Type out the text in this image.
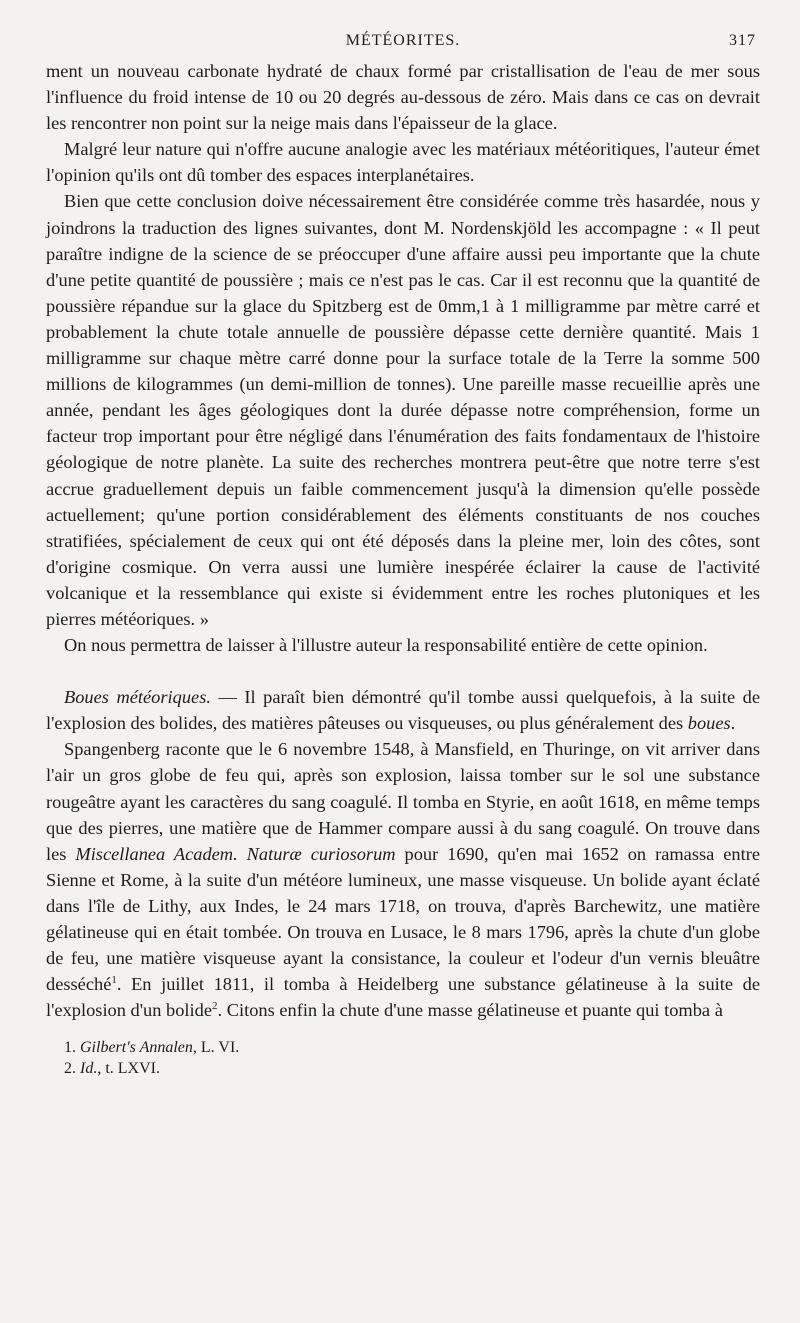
MÉTÉORITES.	317

ment un nouveau carbonate hydraté de chaux formé par cristallisation de l'eau de mer sous l'influence du froid intense de 10 ou 20 degrés au-dessous de zéro. Mais dans ce cas on devrait les rencontrer non point sur la neige mais dans l'épaisseur de la glace.

Malgré leur nature qui n'offre aucune analogie avec les matériaux météoritiques, l'auteur émet l'opinion qu'ils ont dû tomber des espaces interplanétaires.

Bien que cette conclusion doive nécessairement être considérée comme très hasardée, nous y joindrons la traduction des lignes suivantes, dont M. Nordenskjöld les accompagne : « Il peut paraître indigne de la science de se préoccuper d'une affaire aussi peu importante que la chute d'une petite quantité de poussière ; mais ce n'est pas le cas. Car il est reconnu que la quantité de poussière répandue sur la glace du Spitzberg est de 0mm,1 à 1 milligramme par mètre carré et probablement la chute totale annuelle de poussière dépasse cette dernière quantité. Mais 1 milligramme sur chaque mètre carré donne pour la surface totale de la Terre la somme 500 millions de kilogrammes (un demi-million de tonnes). Une pareille masse recueillie après une année, pendant les âges géologiques dont la durée dépasse notre compréhension, forme un facteur trop important pour être négligé dans l'énumération des faits fondamentaux de l'histoire géologique de notre planète. La suite des recherches montrera peut-être que notre terre s'est accrue graduellement depuis un faible commencement jusqu'à la dimension qu'elle possède actuellement; qu'une portion considérablement des éléments constituants de nos couches stratifiées, spécialement de ceux qui ont été déposés dans la pleine mer, loin des côtes, sont d'origine cosmique. On verra aussi une lumière inespérée éclairer la cause de l'activité volcanique et la ressemblance qui existe si évidemment entre les roches plutoniques et les pierres météoriques. »

On nous permettra de laisser à l'illustre auteur la responsabilité entière de cette opinion.

Boues météoriques. — Il paraît bien démontré qu'il tombe aussi quelquefois, à la suite de l'explosion des bolides, des matières pâteuses ou visqueuses, ou plus généralement des boues.

Spangenberg raconte que le 6 novembre 1548, à Mansfield, en Thuringe, on vit arriver dans l'air un gros globe de feu qui, après son explosion, laissa tomber sur le sol une substance rougeâtre ayant les caractères du sang coagulé. Il tomba en Styrie, en août 1618, en même temps que des pierres, une matière que de Hammer compare aussi à du sang coagulé. On trouve dans les Miscellanea Academ. Naturæ curiosorum pour 1690, qu'en mai 1652 on ramassa entre Sienne et Rome, à la suite d'un météore lumineux, une masse visqueuse. Un bolide ayant éclaté dans l'île de Lithy, aux Indes, le 24 mars 1718, on trouva, d'après Barchewitz, une matière gélatineuse qui en était tombée. On trouva en Lusace, le 8 mars 1796, après la chute d'un globe de feu, une matière visqueuse ayant la consistance, la couleur et l'odeur d'un vernis bleuâtre desséché$^1$. En juillet 1811, il tomba à Heidelberg une substance gélatineuse à la suite de l'explosion d'un bolide$^2$. Citons enfin la chute d'une masse gélatineuse et puante qui tomba à

1. Gilbert's Annalen, L. VI.
2. Id., t. LXVI.
